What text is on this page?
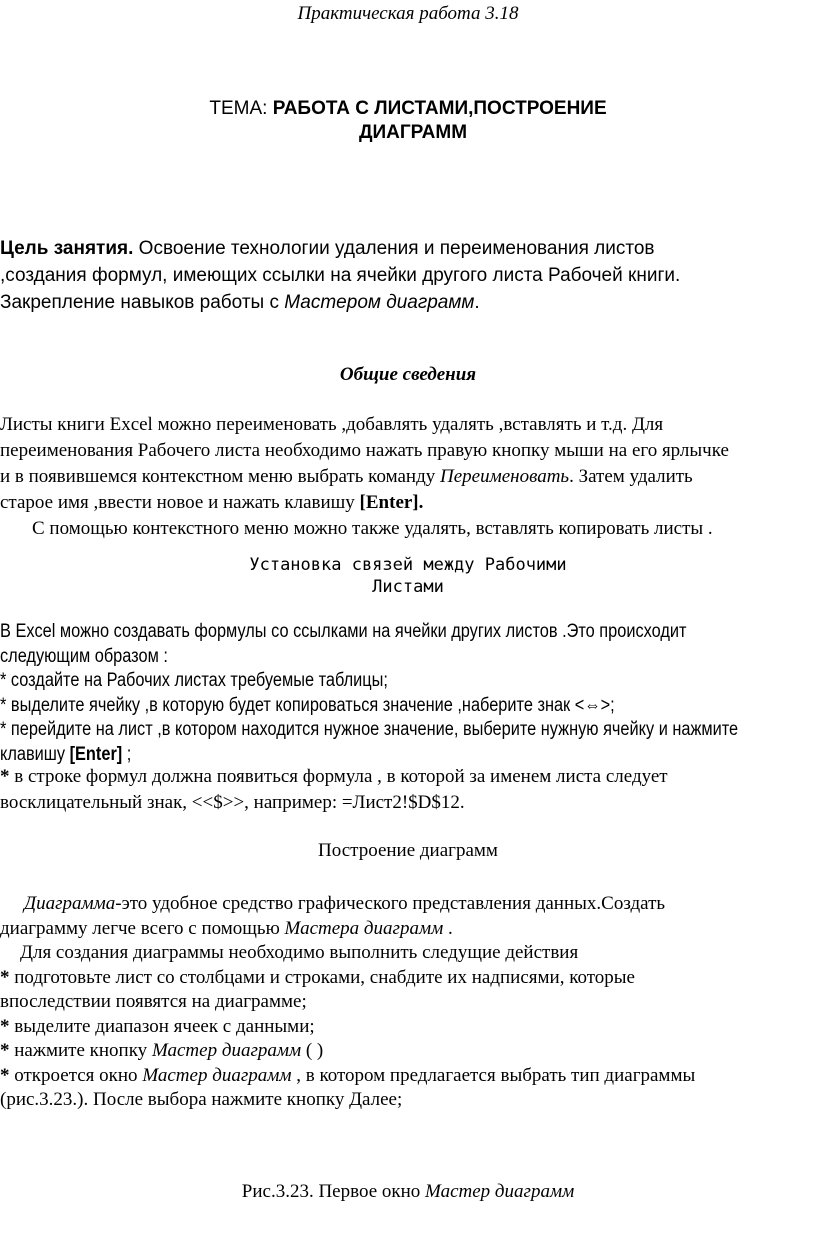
Практическая работа 3.18

ТЕМА: РАБОТА С ЛИСТАМИ,ПОСТРОЕНИЕ
ДИАГРАММ
Цель занятия. Освоение технологии удаления и переименования листов
,создания формул, имеющих ссылки на ячейки другого листа Рабочей книги.
Закрепление навыков работы с Мастером диаграмм.

Общие сведения

Листы книги Excel можно переименовать ,добавлять удалять ,вставлять и т.д. Для
переименования Рабочего листа необходимо нажать правую кнопку мыши на его ярлычке
и в появившемся контекстном меню выбрать команду Переименовать. Затем удалить
старое имя ,ввести новое и нажать клавишу [Enter].
С помощью контекстного меню можно также удалять, вставлять копировать листы .
Установка связей между Рабочими
Листами
В Excel можно создавать формулы со ссылками на ячейки других листов .Это происходит
следующим образом :
* создайте на Рабочих листах требуемые таблицы;
* выделите ячейку ,в которую будет копироваться значение ,наберите знак <⇔>;
* перейдите на лист ,в котором находится нужное значение, выберите нужную ячейку и нажмите
клавишу [Enter] ;
* в строке формул должна появиться формула , в которой за именем листа следует
восклицательный знак, <<$>>, например: =Лист2!$D$12.

Построение диаграмм

Диаграмма-это удобное средство графического представления данных.Создать
диаграмму легче всего с помощью Мастера диаграмм .
Для создания диаграммы необходимо выполнить следущие действия
* подготовьте лист со столбцами и строками, снабдите их надписями, которые
впоследствии появятся на диаграмме;
* выделите диапазон ячеек с данными;
* нажмите кнопку Мастер диаграмм ( )
* откроется окно Мастер диаграмм , в котором предлагается выбрать тип диаграммы
(рис.3.23.). После выбора нажмите кнопку Далее;

Рис.3.23. Первое окно Мастер диаграмм
